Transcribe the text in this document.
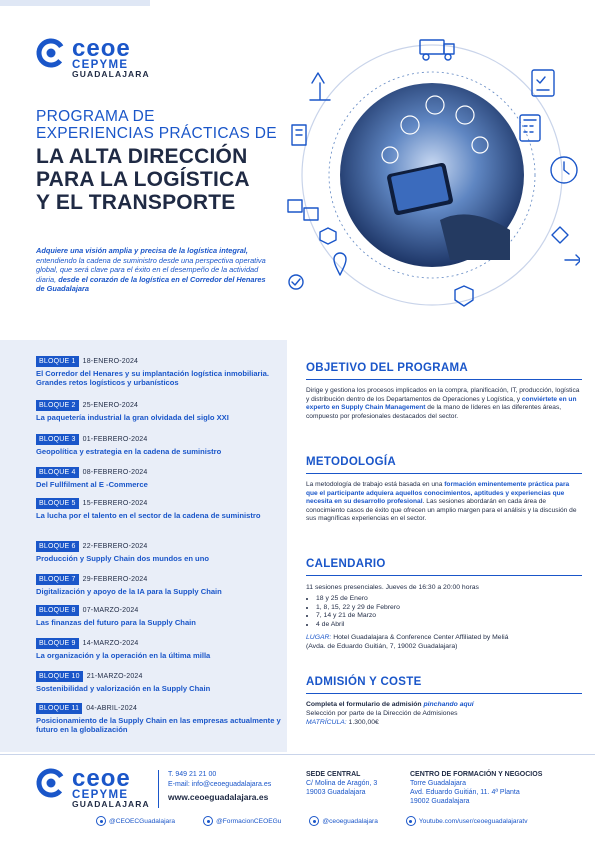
ceoe
CEPYME
GUADALAJARA
PROGRAMA DE
EXPERIENCIAS PRÁCTICAS DE
LA ALTA DIRECCIÓN
PARA LA LOGÍSTICA
Y EL TRANSPORTE
Adquiere una visión amplia y precisa de la logística integral, entendiendo la cadena de suministro desde una perspectiva operativa global, que será clave para el éxito en el desempeño de la actividad diaria, desde el corazón de la logística en el Corredor del Henares de Guadalajara
BLOQUE 1	18-ENERO-2024
El Corredor del Henares y su implantación logística inmobiliaria. Grandes retos logísticos y urbanísticos
BLOQUE 2	25-ENERO-2024
La paquetería industrial la gran olvidada del siglo XXI
BLOQUE 3	01-FEBRERO-2024
Geopolítica y estrategia en la cadena de suministro
BLOQUE 4	08-FEBRERO-2024
Del Fullfilment al E -Commerce
BLOQUE 5	15-FEBRERO-2024
La lucha por el talento en el sector de la cadena de suministro
BLOQUE 6	22-FEBRERO-2024
Producción y Supply Chain dos mundos en uno
BLOQUE 7	29-FEBRERO-2024
Digitalización y apoyo de la IA para la Supply Chain
BLOQUE 8	07-MARZO-2024
Las finanzas del futuro para la Supply Chain
BLOQUE 9	14-MARZO-2024
La organización y la operación en la última milla
BLOQUE 10	21-MARZO-2024
Sostenibilidad y valorización en la Supply Chain
BLOQUE 11	04-ABRIL-2024
Posicionamiento de la Supply Chain en las empresas actualmente y futuro en la globalización
OBJETIVO DEL PROGRAMA
Dirige y gestiona los procesos implicados en la compra, planificación, IT, producción, logística y distribución dentro de los Departamentos de Operaciones y Logística, y conviértete en un experto en Supply Chain Management de la mano de líderes en las diferentes áreas, compuesto por profesionales destacados del sector.
METODOLOGÍA
La metodología de trabajo está basada en una formación eminentemente práctica para que el participante adquiera aquellos conocimientos, aptitudes y experiencias que necesita en su desarrollo profesional. Las sesiones abordarán en cada área de conocimiento casos de éxito que ofrecen un amplio margen para el análisis y la discusión de sus magníficas experiencias en el sector.
CALENDARIO
11 sesiones presenciales. Jueves de 16:30 a 20:00 horas
• 18 y 25 de Enero
• 1, 8, 15, 22 y 29 de Febrero
• 7, 14 y 21 de Marzo
• 4 de Abril
LUGAR: Hotel Guadalajara & Conference Center Affiliated by Meliá
(Avda. de Eduardo Guitián, 7, 19002 Guadalajara)
ADMISIÓN Y COSTE
Completa el formulario de admisión pinchando aquí
Selección por parte de la Dirección de Admisiones
MATRÍCULA: 1.300,00€
ceoe
CEPYME
GUADALAJARA
T. 949 21 21 00
E-mail: info@ceoeguadalajara.es
www.ceoeguadalajara.es
SEDE CENTRAL
C/ Molina de Aragón, 3
19003 Guadalajara
CENTRO DE FORMACIÓN Y NEGOCIOS
Torre Guadalajara
Avd. Eduardo Guitián, 11. 4ª Planta
19002 Guadalajara
@CEOECGuadalajara	@FormacionCEOEGu	@ceoeguadalajara	Youtube.com/user/ceoeguadalajaratv
